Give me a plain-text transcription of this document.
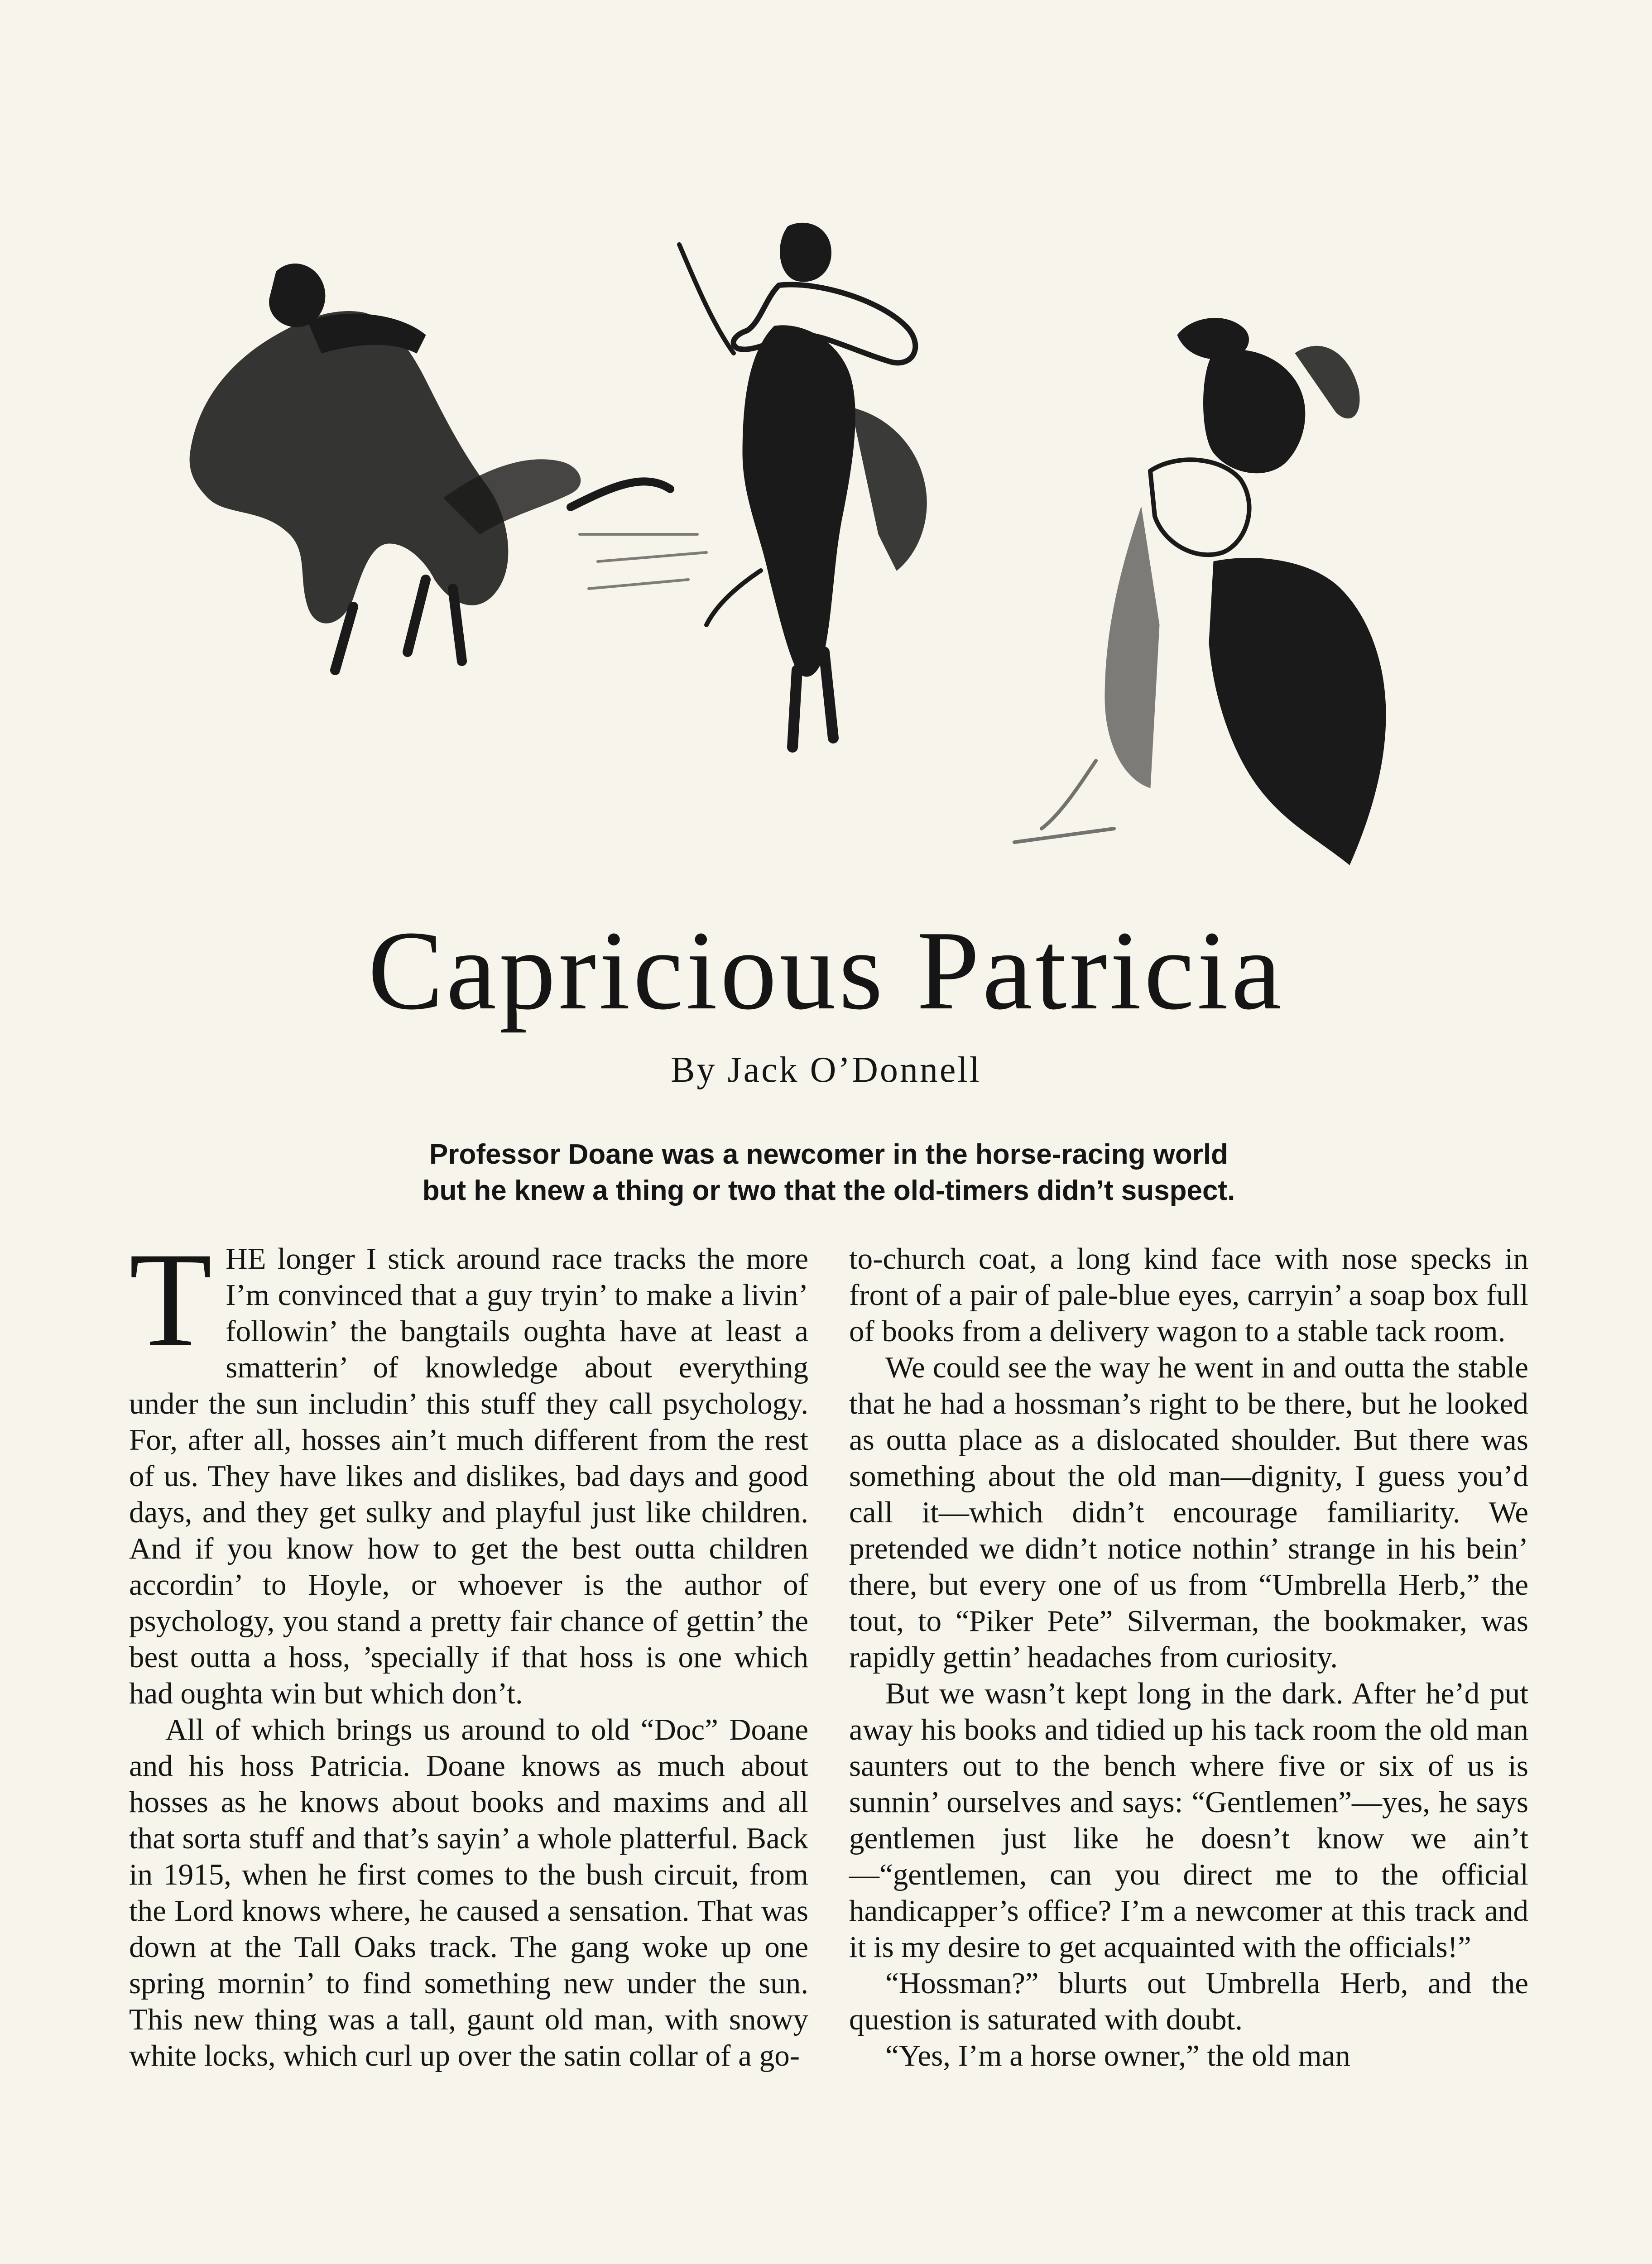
Capricious Patricia
By Jack O’Donnell
Professor Doane was a newcomer in the horse-racing world
but he knew a thing or two that the old-timers didn’t suspect.

THE longer I stick around race tracks the more I’m convinced that a guy tryin’ to make a livin’ followin’ the bangtails oughta have at least a smatterin’ of knowledge about everything under the sun includin’ this stuff they call psychology. For, after all, hosses ain’t much different from the rest of us. They have likes and dislikes, bad days and good days, and they get sulky and playful just like children. And if you know how to get the best outta children accordin’ to Hoyle, or whoever is the author of psychology, you stand a pretty fair chance of gettin’ the best outta a hoss, ’specially if that hoss is one which had oughta win but which don’t.

All of which brings us around to old “Doc” Doane and his hoss Patricia. Doane knows as much about hosses as he knows about books and maxims and all that sorta stuff and that’s sayin’ a whole platterful. Back in 1915, when he first comes to the bush circuit, from the Lord knows where, he caused a sensation. That was down at the Tall Oaks track. The gang woke up one spring mornin’ to find something new under the sun. This new thing was a tall, gaunt old man, with snowy white locks, which curl up over the satin collar of a go-

to-church coat, a long kind face with nose specks in front of a pair of pale-blue eyes, carryin’ a soap box full of books from a delivery wagon to a stable tack room.

We could see the way he went in and outta the stable that he had a hossman’s right to be there, but he looked as outta place as a dislocated shoulder. But there was something about the old man—dignity, I guess you’d call it—which didn’t encourage familiarity. We pretended we didn’t notice nothin’ strange in his bein’ there, but every one of us from “Umbrella Herb,” the tout, to “Piker Pete” Silverman, the bookmaker, was rapidly gettin’ headaches from curiosity.

But we wasn’t kept long in the dark. After he’d put away his books and tidied up his tack room the old man saunters out to the bench where five or six of us is sunnin’ ourselves and says: “Gentlemen”—yes, he says gentlemen just like he doesn’t know we ain’t—“gentlemen, can you direct me to the official handicapper’s office? I’m a newcomer at this track and it is my desire to get acquainted with the officials!”

“Hossman?” blurts out Umbrella Herb, and the question is saturated with doubt.

“Yes, I’m a horse owner,” the old man
